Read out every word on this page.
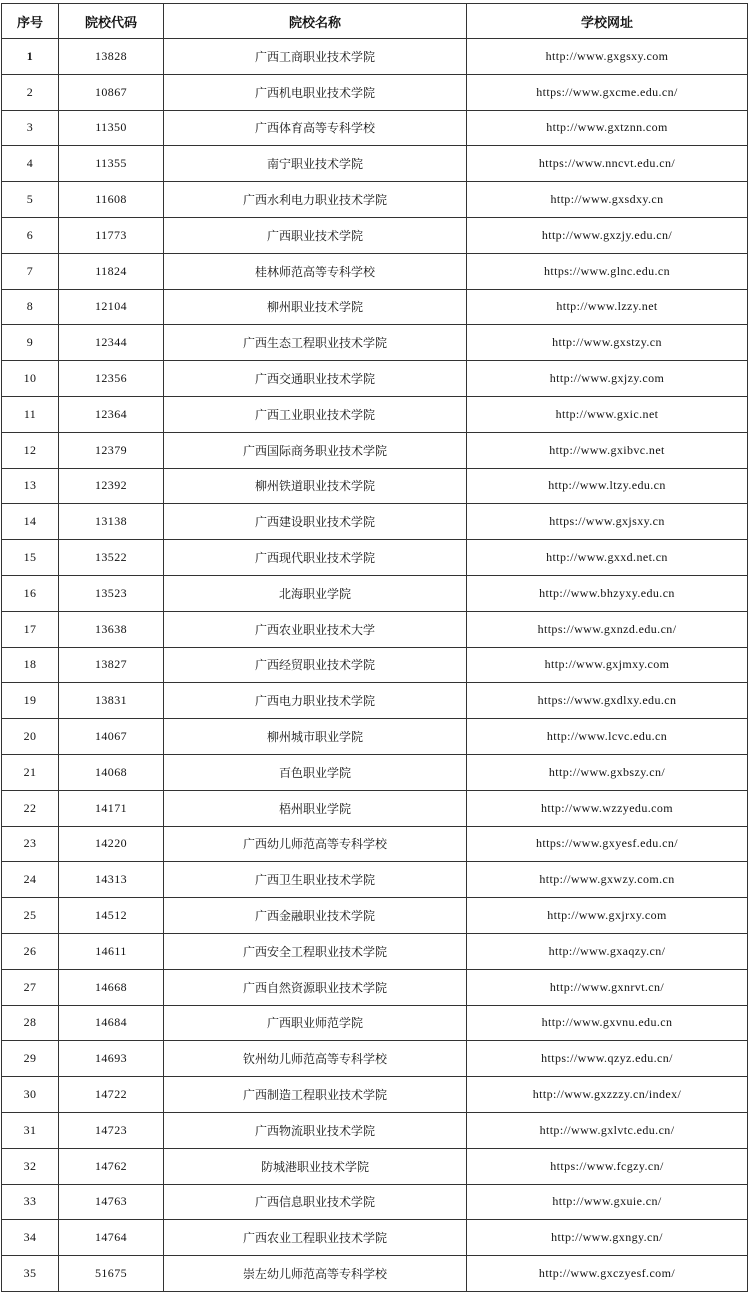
序号	院校代码	院校名称	学校网址
1	13828	广西工商职业技术学院	http://www.gxgsxy.com
2	10867	广西机电职业技术学院	https://www.gxcme.edu.cn/
3	11350	广西体育高等专科学校	http://www.gxtznn.com
4	11355	南宁职业技术学院	https://www.nncvt.edu.cn/
5	11608	广西水利电力职业技术学院	http://www.gxsdxy.cn
6	11773	广西职业技术学院	http://www.gxzjy.edu.cn/
7	11824	桂林师范高等专科学校	https://www.glnc.edu.cn
8	12104	柳州职业技术学院	http://www.lzzy.net
9	12344	广西生态工程职业技术学院	http://www.gxstzy.cn
10	12356	广西交通职业技术学院	http://www.gxjzy.com
11	12364	广西工业职业技术学院	http://www.gxic.net
12	12379	广西国际商务职业技术学院	http://www.gxibvc.net
13	12392	柳州铁道职业技术学院	http://www.ltzy.edu.cn
14	13138	广西建设职业技术学院	https://www.gxjsxy.cn
15	13522	广西现代职业技术学院	http://www.gxxd.net.cn
16	13523	北海职业学院	http://www.bhzyxy.edu.cn
17	13638	广西农业职业技术大学	https://www.gxnzd.edu.cn/
18	13827	广西经贸职业技术学院	http://www.gxjmxy.com
19	13831	广西电力职业技术学院	https://www.gxdlxy.edu.cn
20	14067	柳州城市职业学院	http://www.lcvc.edu.cn
21	14068	百色职业学院	http://www.gxbszy.cn/
22	14171	梧州职业学院	http://www.wzzyedu.com
23	14220	广西幼儿师范高等专科学校	https://www.gxyesf.edu.cn/
24	14313	广西卫生职业技术学院	http://www.gxwzy.com.cn
25	14512	广西金融职业技术学院	http://www.gxjrxy.com
26	14611	广西安全工程职业技术学院	http://www.gxaqzy.cn/
27	14668	广西自然资源职业技术学院	http://www.gxnrvt.cn/
28	14684	广西职业师范学院	http://www.gxvnu.edu.cn
29	14693	钦州幼儿师范高等专科学校	https://www.qzyz.edu.cn/
30	14722	广西制造工程职业技术学院	http://www.gxzzzy.cn/index/
31	14723	广西物流职业技术学院	http://www.gxlvtc.edu.cn/
32	14762	防城港职业技术学院	https://www.fcgzy.cn/
33	14763	广西信息职业技术学院	http://www.gxuie.cn/
34	14764	广西农业工程职业技术学院	http://www.gxngy.cn/
35	51675	崇左幼儿师范高等专科学校	http://www.gxczyesf.com/
